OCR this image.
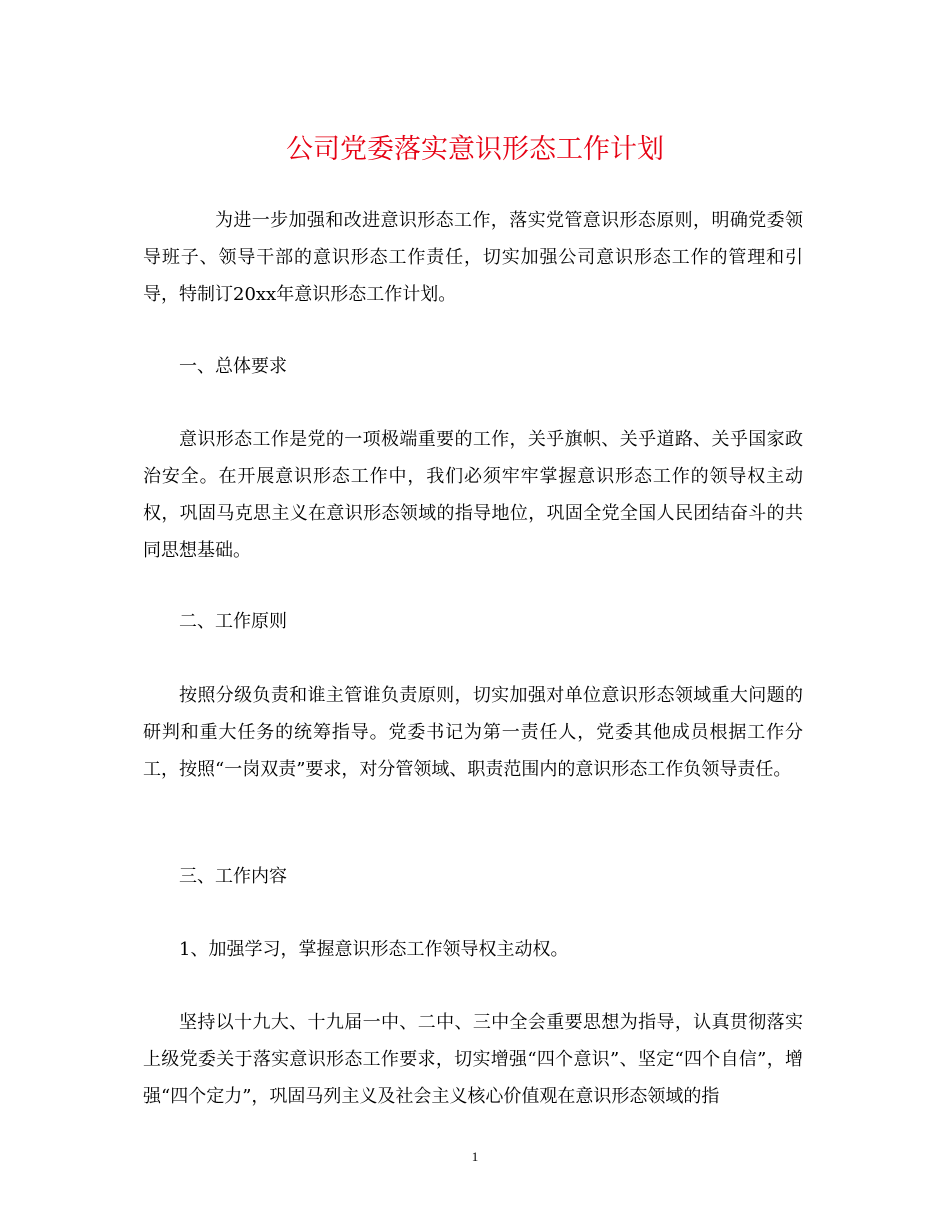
公司党委落实意识形态工作计划

为进一步加强和改进意识形态工作，落实党管意识形态原则，明确党委领导班子、领导干部的意识形态工作责任，切实加强公司意识形态工作的管理和引导，特制订20xx年意识形态工作计划。

一、总体要求

意识形态工作是党的一项极端重要的工作，关乎旗帜、关乎道路、关乎国家政治安全。在开展意识形态工作中，我们必须牢牢掌握意识形态工作的领导权主动权，巩固马克思主义在意识形态领域的指导地位，巩固全党全国人民团结奋斗的共同思想基础。

二、工作原则

按照分级负责和谁主管谁负责原则，切实加强对单位意识形态领域重大问题的研判和重大任务的统筹指导。党委书记为第一责任人，党委其他成员根据工作分工，按照“一岗双责”要求，对分管领域、职责范围内的意识形态工作负领导责任。

三、工作内容

1、加强学习，掌握意识形态工作领导权主动权。

坚持以十九大、十九届一中、二中、三中全会重要思想为指导，认真贯彻落实上级党委关于落实意识形态工作要求，切实增强“四个意识”、坚定“四个自信”，增强“四个定力”，巩固马列主义及社会主义核心价值观在意识形态领域的指

1
